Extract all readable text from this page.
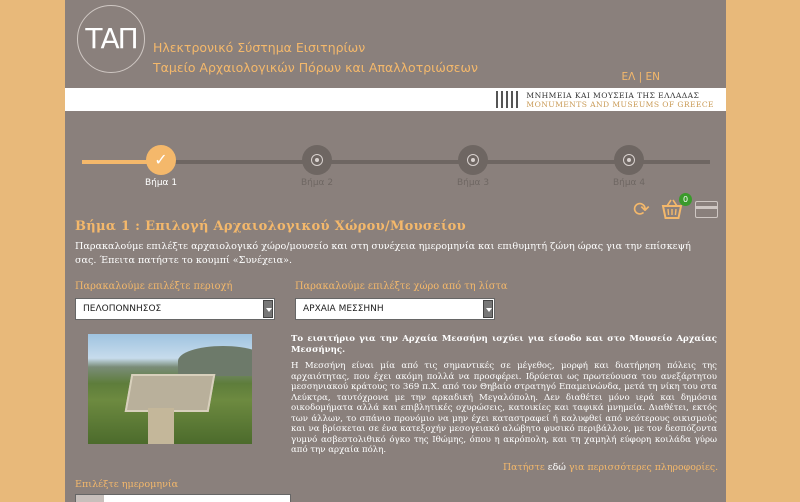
ΤΑΠ	Ηλεκτρονικό Σύστημα Εισιτηρίων
Ταμείο Αρχαιολογικών Πόρων και Απαλλοτριώσεων
ΕΛ | EN
ΜΝΗΜΕΙΑ ΚΑΙ ΜΟΥΣΕΙΑ ΤΗΣ ΕΛΛΑΔΑΣ
MONUMENTS AND MUSEUMS OF GREECE
✓
Βήμα 1	Βήμα 2	Βήμα 3	Βήμα 4
⟳	0
Βήμα 1 : Επιλογή Αρχαιολογικού Χώρου/Μουσείου
Παρακαλούμε επιλέξτε αρχαιολογικό χώρο/μουσείο και στη συνέχεια ημερομηνία και επιθυμητή ζώνη ώρας για την επίσκεψή σας. Έπειτα πατήστε το κουμπί «Συνέχεια».
Παρακαλούμε επιλέξτε περιοχή
ΠΕΛΟΠΟΝΝΗΣΟΣ
Παρακαλούμε επιλέξτε χώρο από τη λίστα
ΑΡΧΑΙΑ ΜΕΣΣΗΝΗ

Το εισιτήριο για την Αρχαία Μεσσήνη ισχύει για είσοδο και στο Μουσείο Αρχαίας Μεσσήνης.

Η Μεσσήνη είναι μία από τις σημαντικές σε μέγεθος, μορφή και διατήρηση πόλεις της αρχαιότητας, που έχει ακόμη πολλά να προσφέρει. Ιδρύεται ως πρωτεύουσα του ανεξάρτητου μεσσηνιακού κράτους το 369 π.Χ. από τον Θηβαίο στρατηγό Επαμεινώνδα, μετά τη νίκη του στα Λεύκτρα, ταυτόχρονα με την αρκαδική Μεγαλόπολη. Δεν διαθέτει μόνο ιερά και δημόσια οικοδομήματα αλλά και επιβλητικές οχυρώσεις, κατοικίες και ταφικά μνημεία. Διαθέτει, εκτός των άλλων, το σπάνιο προνόμιο να μην έχει καταστραφεί ή καλυφθεί από νεότερους οικισμούς και να βρίσκεται σε ένα κατεξοχήν μεσογειακό αλώβητο φυσικό περιβάλλον, με τον δεσπόζοντα γυμνό ασβεστολιθικό όγκο της Ιθώμης, όπου η ακρόπολη, και τη χαμηλή εύφορη κοιλάδα γύρω από την αρχαία πόλη.

Πατήστε εδώ για περισσότερες πληροφορίες.
Επιλέξτε ημερομηνία
